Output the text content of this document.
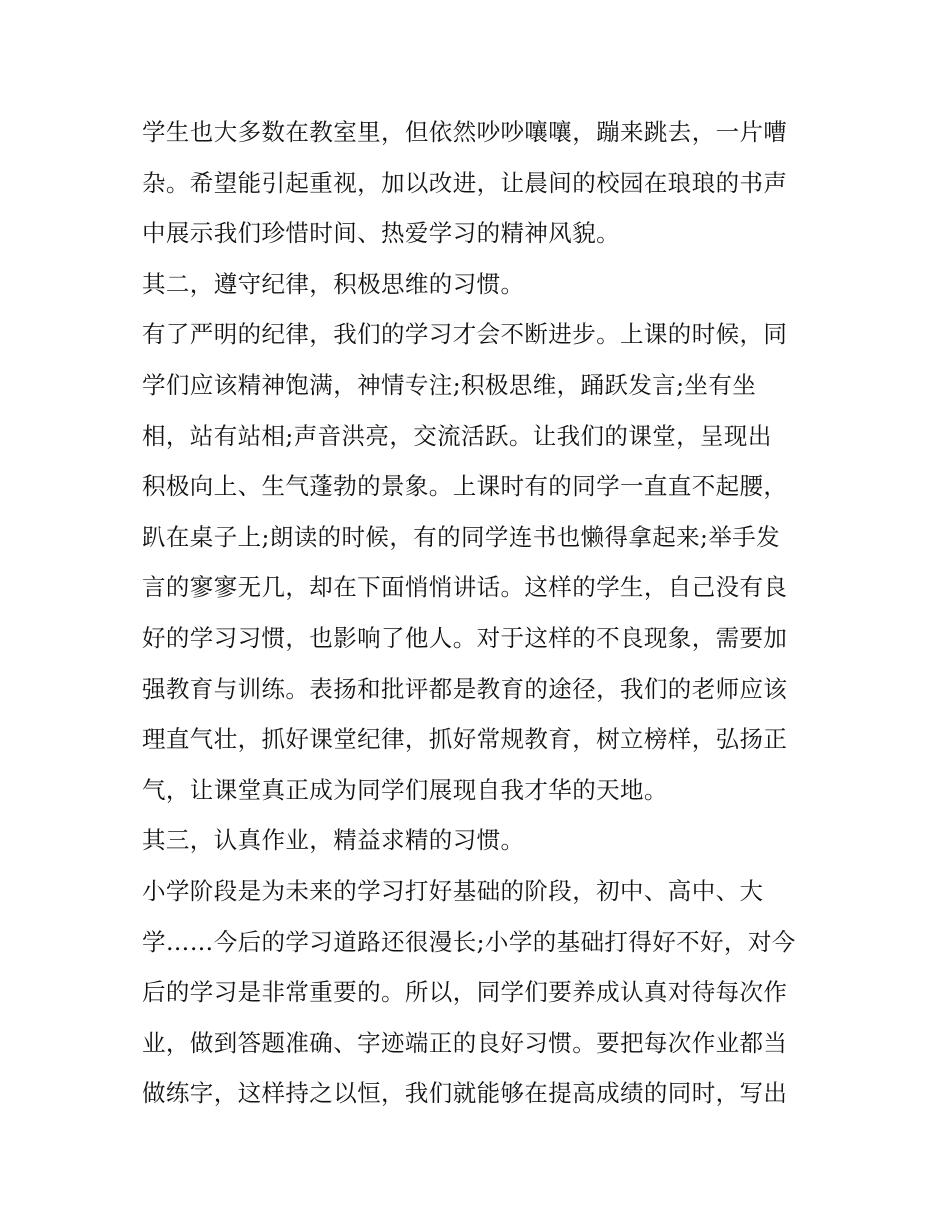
学生也大多数在教室里，但依然吵吵嚷嚷，蹦来跳去，一片嘈
杂。希望能引起重视，加以改进，让晨间的校园在琅琅的书声
中展示我们珍惜时间、热爱学习的精神风貌。
其二，遵守纪律，积极思维的习惯。
有了严明的纪律，我们的学习才会不断进步。上课的时候，同
学们应该精神饱满，神情专注;积极思维，踊跃发言;坐有坐
相，站有站相;声音洪亮，交流活跃。让我们的课堂，呈现出
积极向上、生气蓬勃的景象。上课时有的同学一直直不起腰，
趴在桌子上;朗读的时候，有的同学连书也懒得拿起来;举手发
言的寥寥无几，却在下面悄悄讲话。这样的学生，自己没有良
好的学习习惯，也影响了他人。对于这样的不良现象，需要加
强教育与训练。表扬和批评都是教育的途径，我们的老师应该
理直气壮，抓好课堂纪律，抓好常规教育，树立榜样，弘扬正
气，让课堂真正成为同学们展现自我才华的天地。
其三，认真作业，精益求精的习惯。
小学阶段是为未来的学习打好基础的阶段，初中、高中、大
学……今后的学习道路还很漫长;小学的基础打得好不好，对今
后的学习是非常重要的。所以，同学们要养成认真对待每次作
业，做到答题准确、字迹端正的良好习惯。要把每次作业都当
做练字，这样持之以恒，我们就能够在提高成绩的同时，写出
